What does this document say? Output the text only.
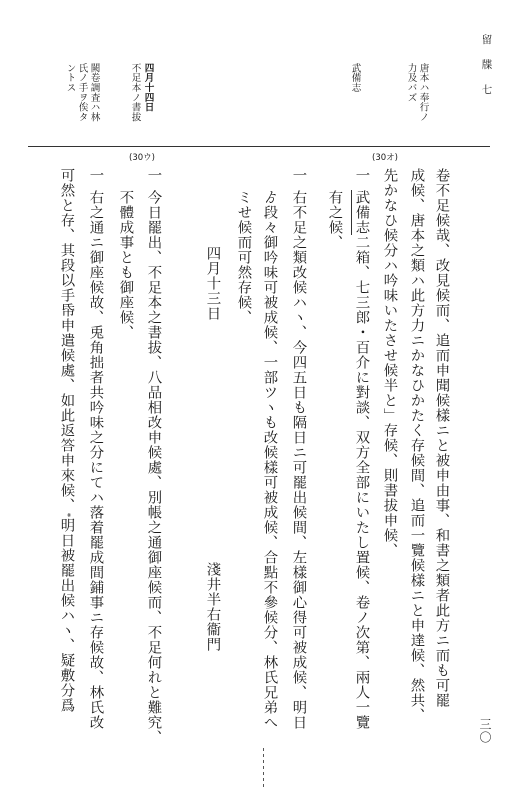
留　牒　七
三〇
唐本ハ奉行ノ
力及バズ
武備志
四月十四日
不足本ノ書拔
闕卷調査ハ林
氏ノ手ヲ俟タ
ントス
(30オ)
(30ウ)
卷不足候哉、改見候而、追而申聞候樣ニと被申由事、和書之類者此方ニ而も可罷
成候、唐本之類ハ此方力ニかなひかたく存候間、追而一覽候樣ニと申達候、然共、
先かなひ候分ハ吟味いたさせ候半と」存候、則書拔申候、
一
武備志二箱、七三郎・百介に對談、双方全部にいたし置候、卷ノ次第、兩人一覽
有之候、
一
右不足之類改候ハヽ、今四五日も隔日ニ可罷出候間、左樣御心得可被成候、明日
ゟ段々御吟味可被成候、一部ツヽも改候樣可被成候、合點不參候分、林氏兄弟へ
ミせ候而可然存候、
四月十三日
淺井半右衞門
一
今日罷出、不足本之書拔、八品相改申候處、別帳之通御座候而、不足何れと難究、
不體成事とも御座候、
一
右之通ニ御座候故、兎角拙者共吟味之分にてハ落着罷成間鋪事ニ存候故、林氏改
可然と存、其段以手帋申遣候處、如此返答申來候、*明日被罷出候ハヽ、疑敷分爲
